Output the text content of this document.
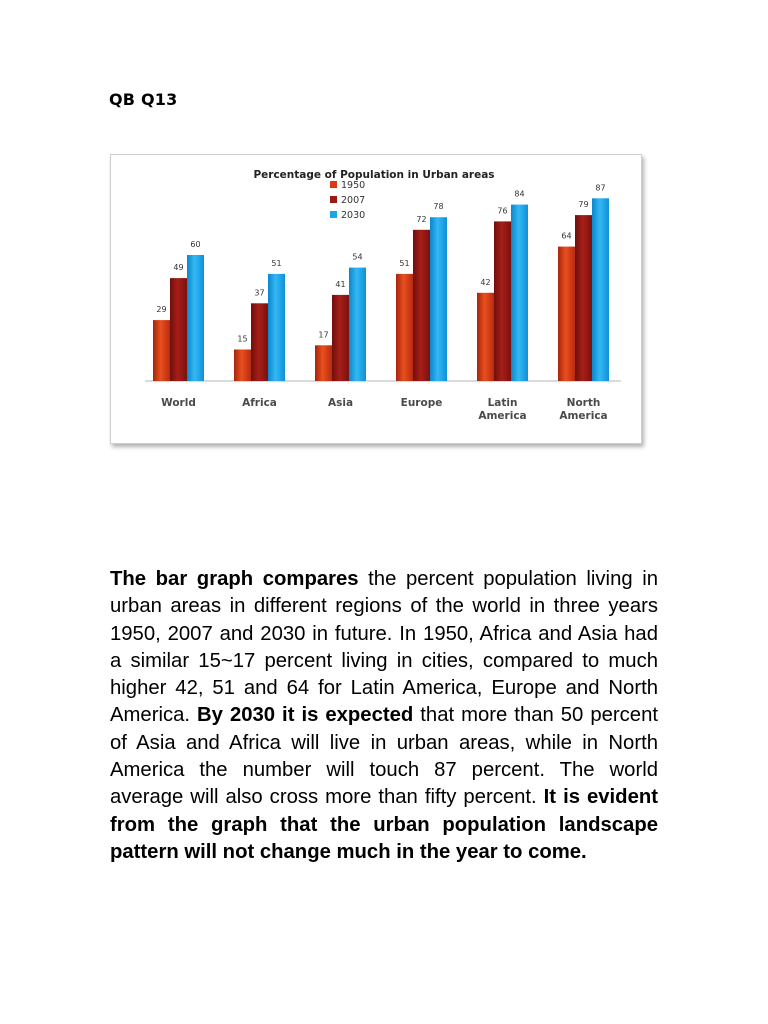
QB Q13
Percentage of Population in Urban areas
1950
2007
2030
29
49
60
15
37
51
17
41
54
51
72
78
42
76
84
64
79
87
World	Africa	Asia	Europe	Latin
America
North
America
The bar graph compares the percent population living in urban areas in different regions of the world in three years 1950, 2007 and 2030 in future. In 1950, Africa and Asia had a similar 15~17 percent living in cities, compared to much higher 42, 51 and 64 for Latin America, Europe and North America. By 2030 it is expected that more than 50 percent of Asia and Africa will live in urban areas, while in North America the number will touch 87 percent. The world average will also cross more than fifty percent. It is evident from the graph that the urban population landscape pattern will not change much in the year to come.
